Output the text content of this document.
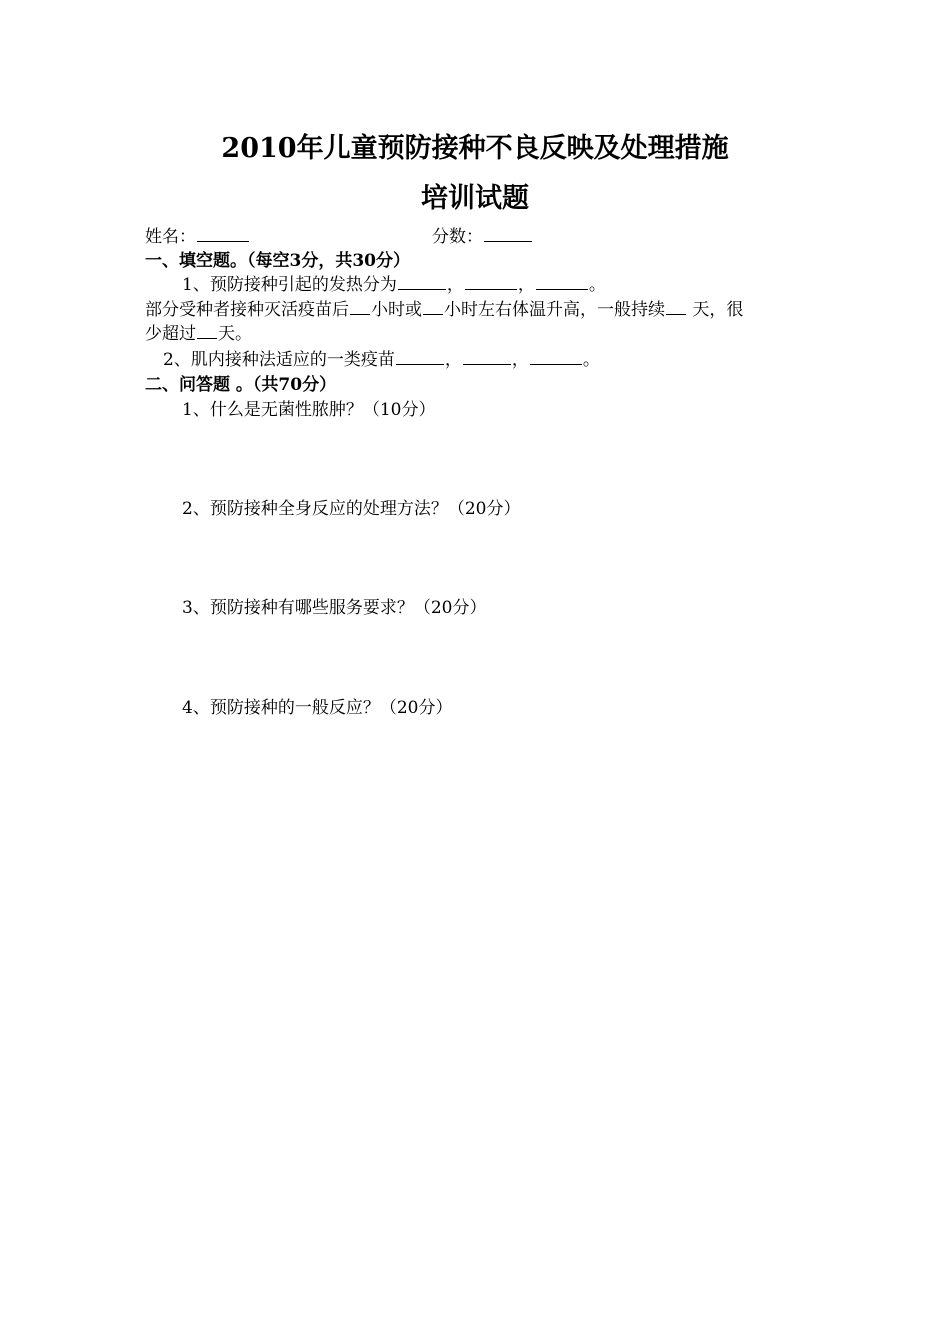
2010年儿童预防接种不良反映及处理措施
培训试题
姓名：	分数：
一、填空题。（每空3分，共30分）
1、预防接种引起的发热分为	，	，	。
部分受种者接种灭活疫苗后 小时或 小时左右体温升高，一般持续 天，很
少超过 天。
2、肌内接种法适应的一类疫苗	，	，	。
二、问答题 。（共70分）
1、什么是无菌性脓肿？（10分）
2、预防接种全身反应的处理方法？（20分）
3、预防接种有哪些服务要求？（20分）
4、预防接种的一般反应？（20分）
